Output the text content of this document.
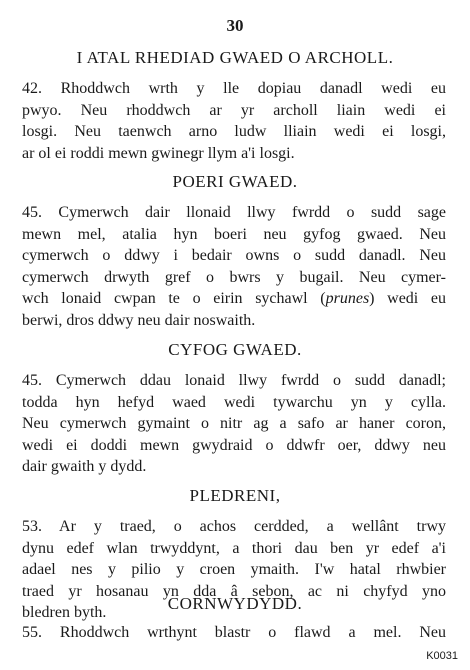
30
I ATAL RHEDIAD GWAED O ARCHOLL.
42. Rhoddwch wrth y lle dopiau danadl wedi eu
pwyo. Neu rhoddwch ar yr archoll liain wedi ei
losgi. Neu taenwch arno ludw lliain wedi ei losgi,
ar ol ei roddi mewn gwinegr llym a'i losgi.
POERI GWAED.
45. Cymerwch dair llonaid llwy fwrdd o sudd sage
mewn mel, atalia hyn boeri neu gyfog gwaed. Neu
cymerwch o ddwy i bedair owns o sudd danadl. Neu
cymerwch drwyth gref o bwrs y bugail. Neu cymer-
wch lonaid cwpan te o eirin sychawl (prunes) wedi eu
berwi, dros ddwy neu dair noswaith.
CYFOG GWAED.
45. Cymerwch ddau lonaid llwy fwrdd o sudd danadl;
todda hyn hefyd waed wedi tywarchu yn y cylla.
Neu cymerwch gymaint o nitr ag a safo ar haner coron,
wedi ei doddi mewn gwydraid o ddwfr oer, ddwy neu
dair gwaith y dydd.
PLEDRENI,
53. Ar y traed, o achos cerdded, a wellânt trwy
dynu edef wlan trwyddynt, a thori dau ben yr edef a'i
adael nes y pilio y croen ymaith. I'w hatal rhwbier
traed yr hosanau yn dda â sebon, ac ni chyfyd yno
bledren byth.	CORNWYDYDD.
55. Rhoddwch wrthynt blastr o flawd a mel. Neu
K0031
